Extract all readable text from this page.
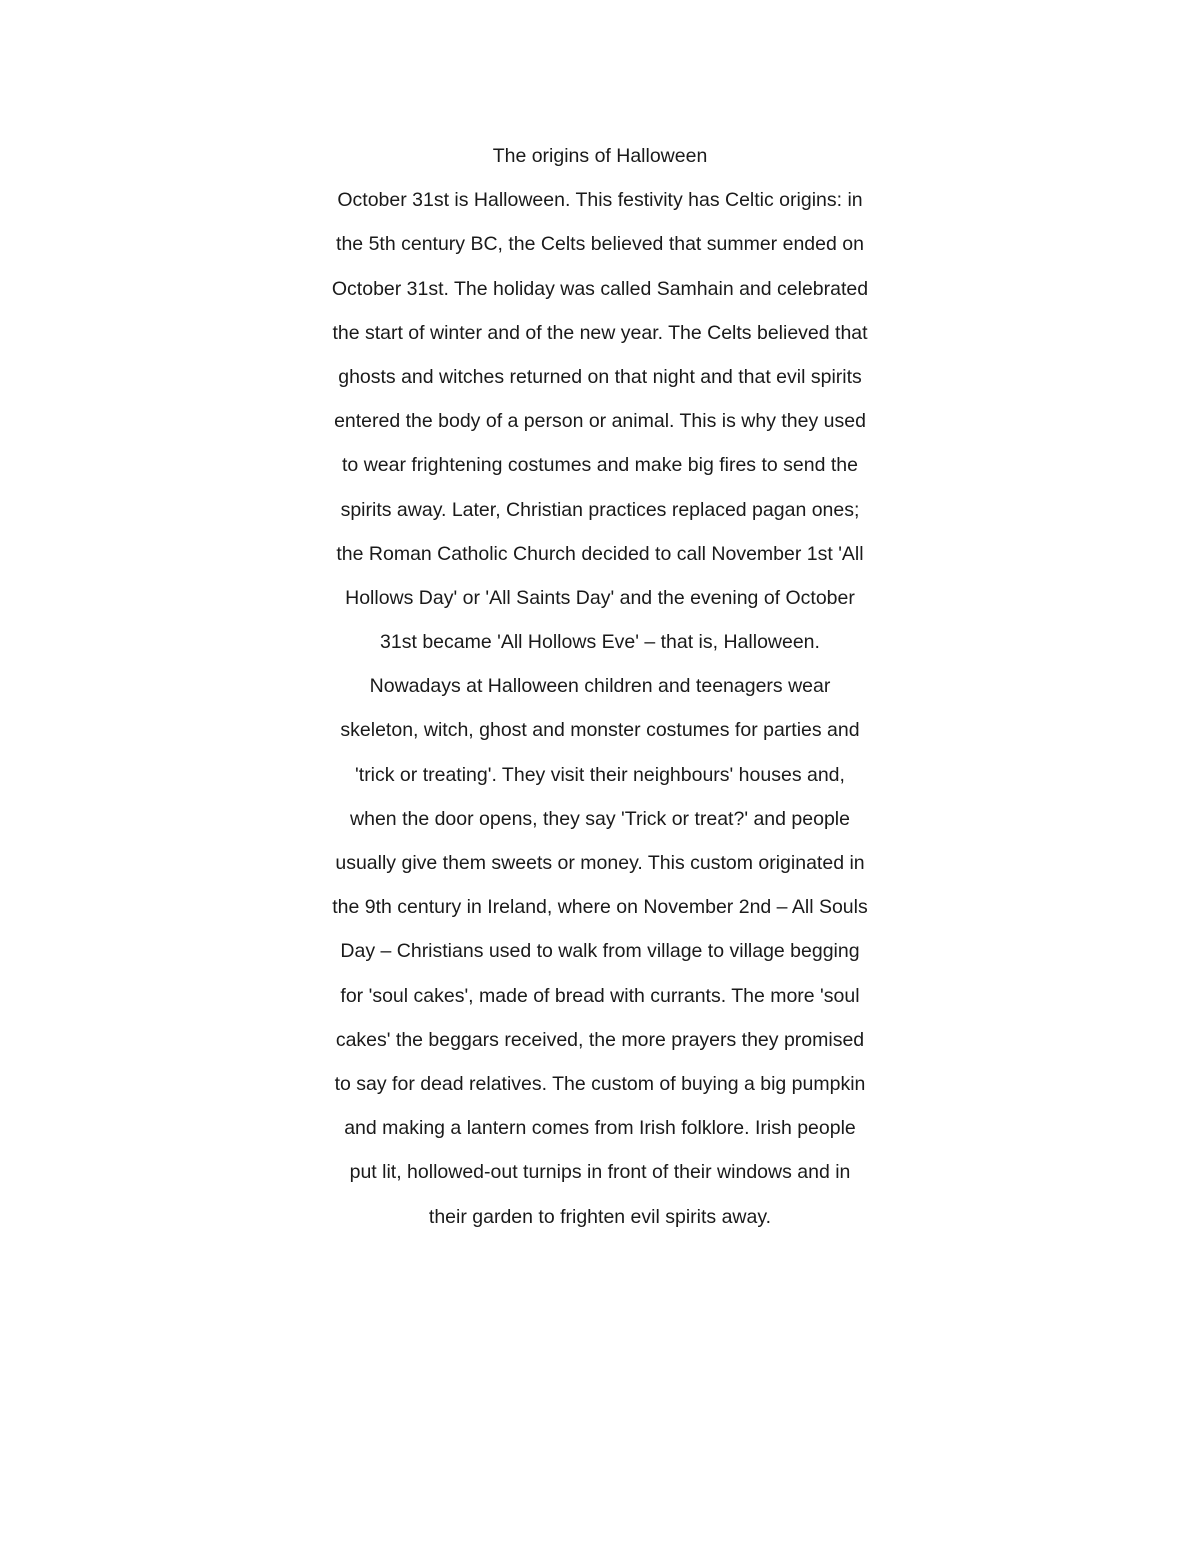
The origins of Halloween
October 31st is Halloween. This festivity has Celtic origins: in
the 5th century BC, the Celts believed that summer ended on
October 31st. The holiday was called Samhain and celebrated
the start of winter and of the new year. The Celts believed that
ghosts and witches returned on that night and that evil spirits
entered the body of a person or animal. This is why they used
to wear frightening costumes and make big fires to send the
spirits away. Later, Christian practices replaced pagan ones;
the Roman Catholic Church decided to call November 1st 'All
Hollows Day' or 'All Saints Day' and the evening of October
31st became 'All Hollows Eve' – that is, Halloween.
Nowadays at Halloween children and teenagers wear
skeleton, witch, ghost and monster costumes for parties and
'trick or treating'. They visit their neighbours' houses and,
when the door opens, they say 'Trick or treat?' and people
usually give them sweets or money. This custom originated in
the 9th century in Ireland, where on November 2nd – All Souls
Day – Christians used to walk from village to village begging
for 'soul cakes', made of bread with currants. The more 'soul
cakes' the beggars received, the more prayers they promised
to say for dead relatives. The custom of buying a big pumpkin
and making a lantern comes from Irish folklore. Irish people
put lit, hollowed-out turnips in front of their windows and in
their garden to frighten evil spirits away.
